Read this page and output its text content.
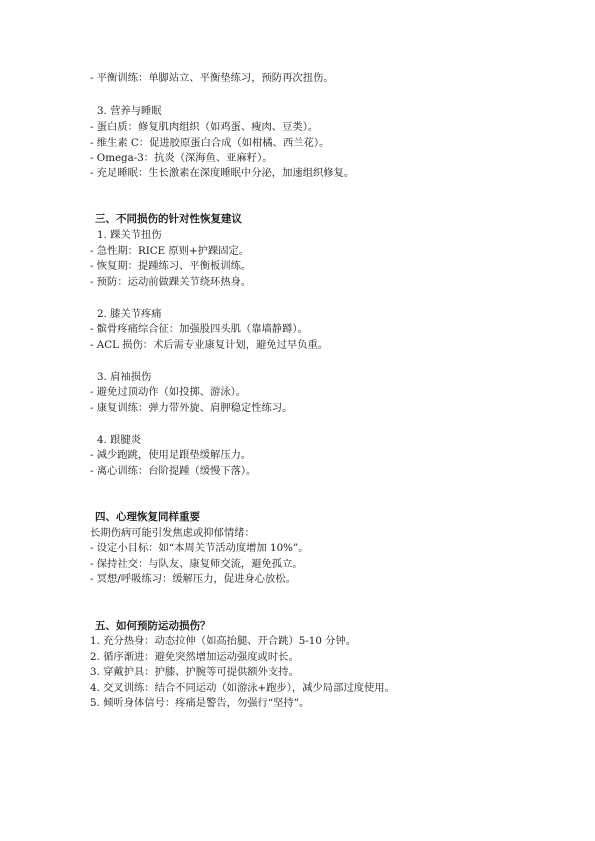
- 平衡训练：单脚站立、平衡垫练习，预防再次扭伤。

3. 营养与睡眠

- 蛋白质：修复肌肉组织（如鸡蛋、瘦肉、豆类）。

- 维生素 C：促进胶原蛋白合成（如柑橘、西兰花）。

- Omega-3：抗炎（深海鱼、亚麻籽）。

- 充足睡眠：生长激素在深度睡眠中分泌，加速组织修复。

三、不同损伤的针对性恢复建议

1. 踝关节扭伤

- 急性期：RICE 原则+护踝固定。

- 恢复期：提踵练习、平衡板训练。

- 预防：运动前做踝关节绕环热身。

2. 膝关节疼痛

- 髌骨疼痛综合征：加强股四头肌（靠墙静蹲）。

- ACL 损伤：术后需专业康复计划，避免过早负重。

3. 肩袖损伤

- 避免过顶动作（如投掷、游泳）。

- 康复训练：弹力带外旋、肩胛稳定性练习。

4. 跟腱炎

- 减少跑跳，使用足跟垫缓解压力。

- 离心训练：台阶提踵（缓慢下落）。

四、心理恢复同样重要

长期伤病可能引发焦虑或抑郁情绪：

- 设定小目标：如“本周关节活动度增加 10%”。

- 保持社交：与队友、康复师交流，避免孤立。

- 冥想/呼吸练习：缓解压力，促进身心放松。

五、如何预防运动损伤？

1. 充分热身：动态拉伸（如高抬腿、开合跳）5-10 分钟。

2. 循序渐进：避免突然增加运动强度或时长。

3. 穿戴护具：护膝、护腕等可提供额外支持。

4. 交叉训练：结合不同运动（如游泳+跑步），减少局部过度使用。

5. 倾听身体信号：疼痛是警告，勿强行“坚持”。
